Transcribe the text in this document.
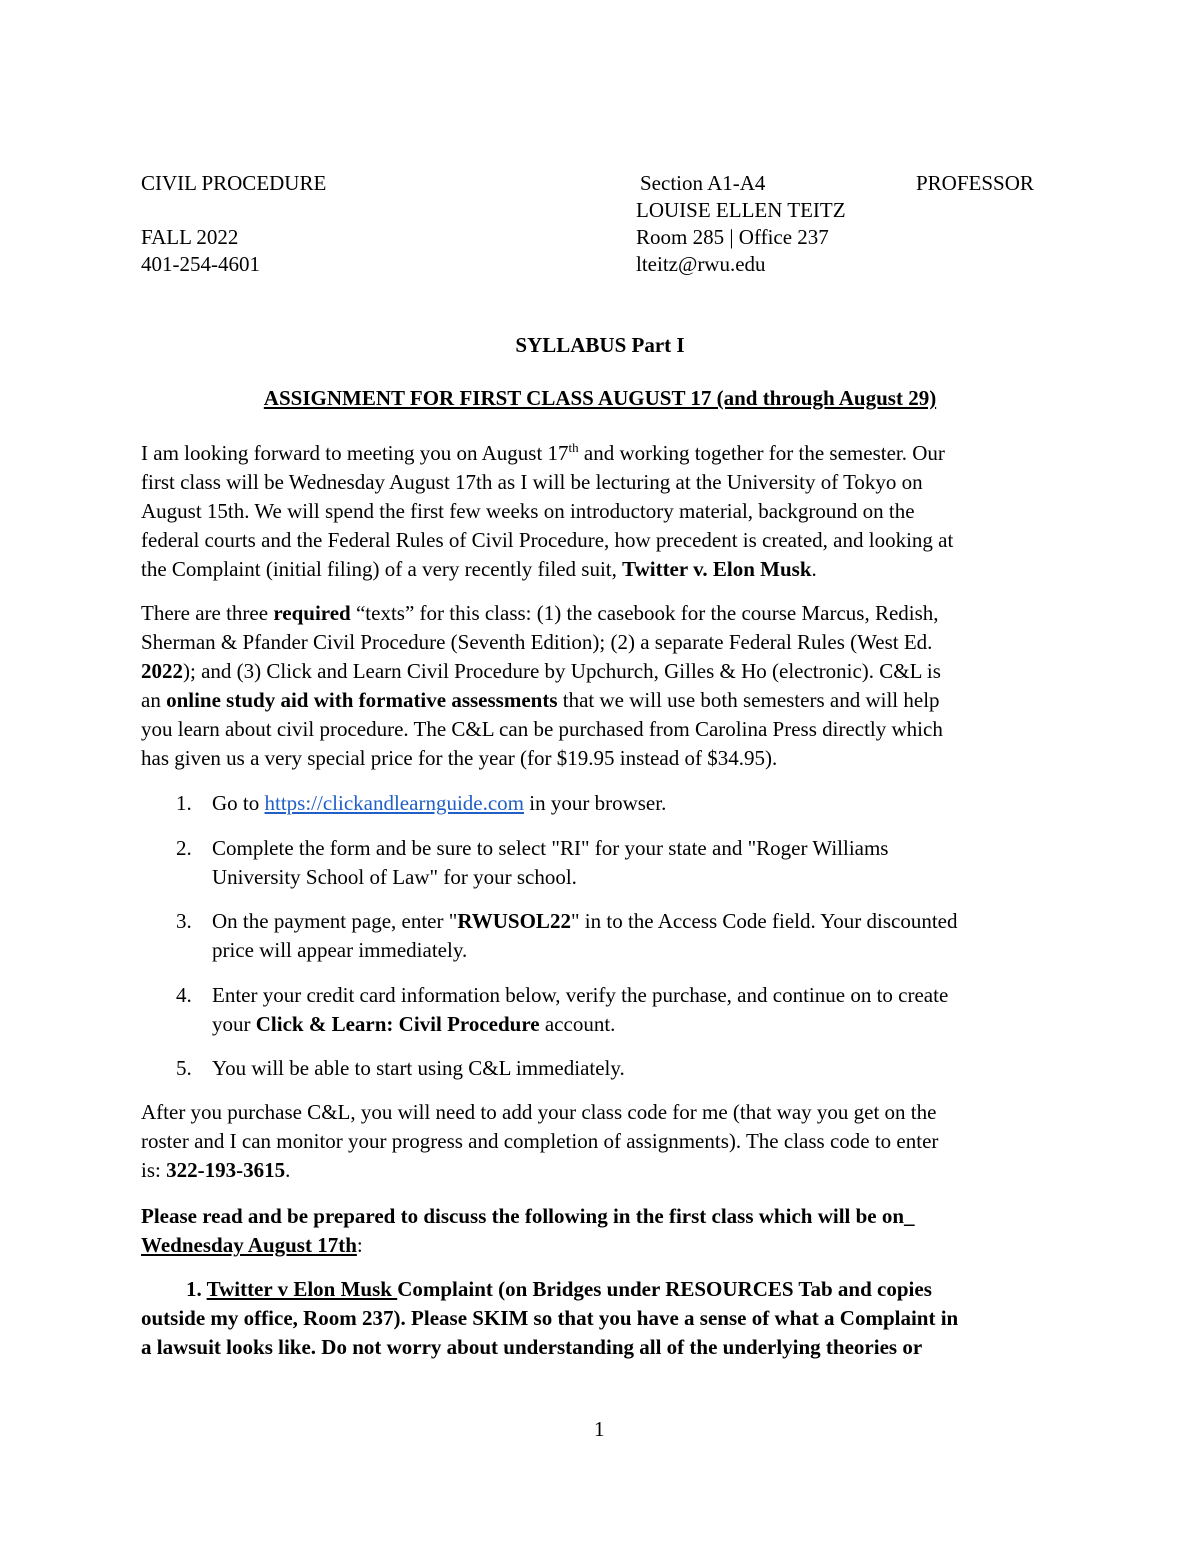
CIVIL PROCEDURE	Section A1-A4	PROFESSOR
LOUISE ELLEN TEITZ
FALL 2022	Room 285 | Office 237
401-254-4601	lteitz@rwu.edu
SYLLABUS Part I
ASSIGNMENT FOR FIRST CLASS AUGUST 17 (and through August 29)
I am looking forward to meeting you on August 17th and working together for the semester. Our
first class will be Wednesday August 17th as I will be lecturing at the University of Tokyo on
August 15th. We will spend the first few weeks on introductory material, background on the
federal courts and the Federal Rules of Civil Procedure, how precedent is created, and looking at
the Complaint (initial filing) of a very recently filed suit, Twitter v. Elon Musk.
There are three required “texts” for this class: (1) the casebook for the course Marcus, Redish,
Sherman & Pfander Civil Procedure (Seventh Edition); (2) a separate Federal Rules (West Ed.
2022); and (3) Click and Learn Civil Procedure by Upchurch, Gilles & Ho (electronic). C&L is
an online study aid with formative assessments that we will use both semesters and will help
you learn about civil procedure. The C&L can be purchased from Carolina Press directly which
has given us a very special price for the year (for $19.95 instead of $34.95).
1. Go to https://clickandlearnguide.com in your browser.
2. Complete the form and be sure to select "RI" for your state and "Roger Williams
University School of Law" for your school.
3. On the payment page, enter "RWUSOL22" in to the Access Code field. Your discounted
price will appear immediately.
4. Enter your credit card information below, verify the purchase, and continue on to create
your Click & Learn: Civil Procedure account.
5. You will be able to start using C&L immediately.
After you purchase C&L, you will need to add your class code for me (that way you get on the
roster and I can monitor your progress and completion of assignments). The class code to enter
is: 322-193-3615.
Please read and be prepared to discuss the following in the first class which will be on_
Wednesday August 17th:
1. Twitter v Elon Musk Complaint (on Bridges under RESOURCES Tab and copies
outside my office, Room 237). Please SKIM so that you have a sense of what a Complaint in
a lawsuit looks like. Do not worry about understanding all of the underlying theories or
1
